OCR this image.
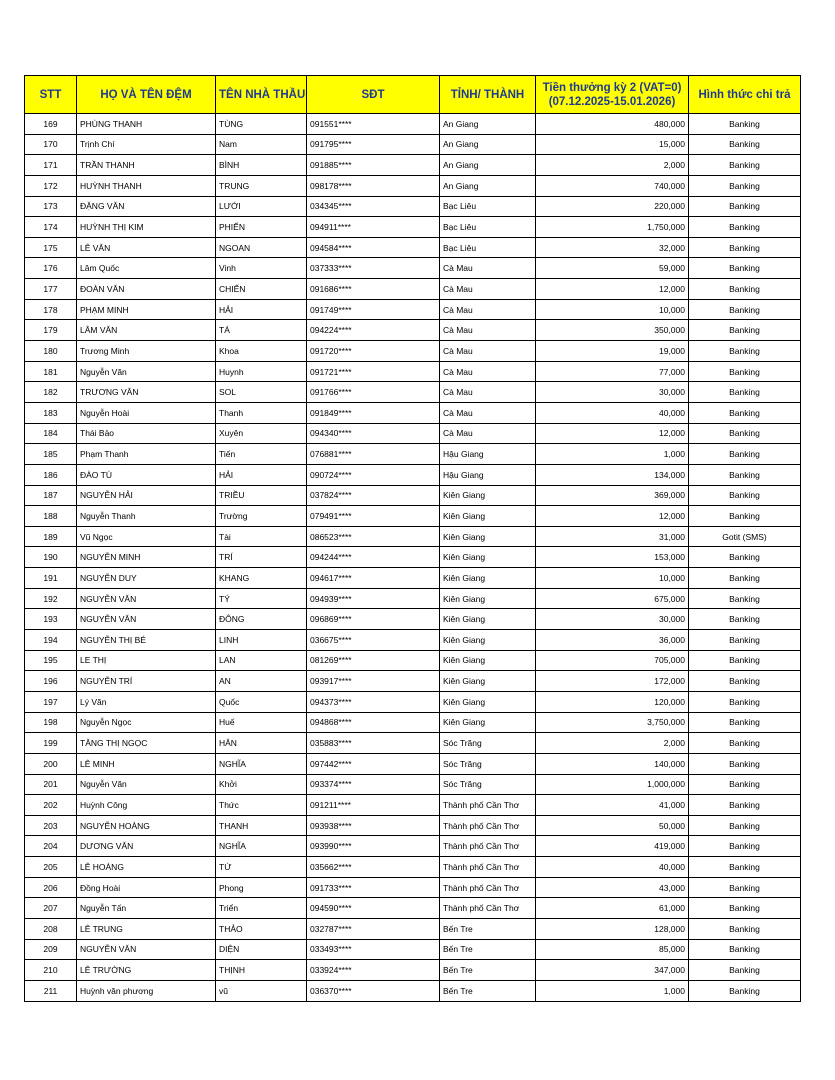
STT	HỌ VÀ TÊN ĐỆM	TÊN NHÀ THẦU	SĐT	TỈNH/ THÀNH	Tiền thưởng kỳ 2 (VAT=0) (07.12.2025-15.01.2026)	Hình thức chi trả
169	PHÙNG THANH	TÙNG	091551****	An Giang	480,000	Banking
170	Trịnh Chí	Nam	091795****	An Giang	15,000	Banking
171	TRẦN THANH	BÌNH	091885****	An Giang	2,000	Banking
172	HUỲNH THANH	TRUNG	098178****	An Giang	740,000	Banking
173	ĐẶNG VĂN	LƯỚI	034345****	Bạc Liêu	220,000	Banking
174	HUỲNH THỊ KIM	PHIẾN	094911****	Bạc Liêu	1,750,000	Banking
175	LÊ VĂN	NGOAN	094584****	Bạc Liêu	32,000	Banking
176	Lâm Quốc	Vinh	037333****	Cà Mau	59,000	Banking
177	ĐOÀN VĂN	CHIẾN	091686****	Cà Mau	12,000	Banking
178	PHẠM MINH	HẢI	091749****	Cà Mau	10,000	Banking
179	LÂM VĂN	TÁ	094224****	Cà Mau	350,000	Banking
180	Trương Minh	Khoa	091720****	Cà Mau	19,000	Banking
181	Nguyễn Văn	Huynh	091721****	Cà Mau	77,000	Banking
182	TRƯƠNG VĂN	SOL	091766****	Cà Mau	30,000	Banking
183	Nguyễn Hoài	Thanh	091849****	Cà Mau	40,000	Banking
184	Thái Bảo	Xuyên	094340****	Cà Mau	12,000	Banking
185	Phạm Thanh	Tiến	076881****	Hậu Giang	1,000	Banking
186	ĐÀO TÚ	HẢI	090724****	Hậu Giang	134,000	Banking
187	NGUYỄN HẢI	TRIỀU	037824****	Kiên Giang	369,000	Banking
188	Nguyễn Thanh	Trường	079491****	Kiên Giang	12,000	Banking
189	Vũ Ngọc	Tài	086523****	Kiên Giang	31,000	Gotit (SMS)
190	NGUYỄN MINH	TRÍ	094244****	Kiên Giang	153,000	Banking
191	NGUYỄN DUY	KHANG	094617****	Kiên Giang	10,000	Banking
192	NGUYỄN VĂN	TÝ	094939****	Kiên Giang	675,000	Banking
193	NGUYỄN VĂN	ĐÔNG	096869****	Kiên Giang	30,000	Banking
194	NGUYỄN THỊ BÉ	LINH	036675****	Kiên Giang	36,000	Banking
195	LE THỊ	LAN	081269****	Kiên Giang	705,000	Banking
196	NGUYỄN TRÍ	AN	093917****	Kiên Giang	172,000	Banking
197	Lý Văn	Quốc	094373****	Kiên Giang	120,000	Banking
198	Nguyễn Ngọc	Huế	094868****	Kiên Giang	3,750,000	Banking
199	TĂNG THỊ NGỌC	HÂN	035883****	Sóc Trăng	2,000	Banking
200	LÊ MINH	NGHĨA	097442****	Sóc Trăng	140,000	Banking
201	Nguyễn Văn	Khởi	093374****	Sóc Trăng	1,000,000	Banking
202	Huỳnh Công	Thức	091211****	Thành phố Cần Thơ	41,000	Banking
203	NGUYỄN HOÀNG	THANH	093938****	Thành phố Cần Thơ	50,000	Banking
204	DƯƠNG VĂN	NGHĨA	093990****	Thành phố Cần Thơ	419,000	Banking
205	LÊ HOÀNG	TỨ	035662****	Thành phố Cần Thơ	40,000	Banking
206	Đồng Hoài	Phong	091733****	Thành phố Cần Thơ	43,000	Banking
207	Nguyễn Tấn	Triển	094590****	Thành phố Cần Thơ	61,000	Banking
208	LÊ TRUNG	THẢO	032787****	Bến Tre	128,000	Banking
209	NGUYỄN VĂN	DIỆN	033493****	Bến Tre	85,000	Banking
210	LÊ TRƯỜNG	THỊNH	033924****	Bến Tre	347,000	Banking
211	Huỳnh văn phương	vũ	036370****	Bến Tre	1,000	Banking
